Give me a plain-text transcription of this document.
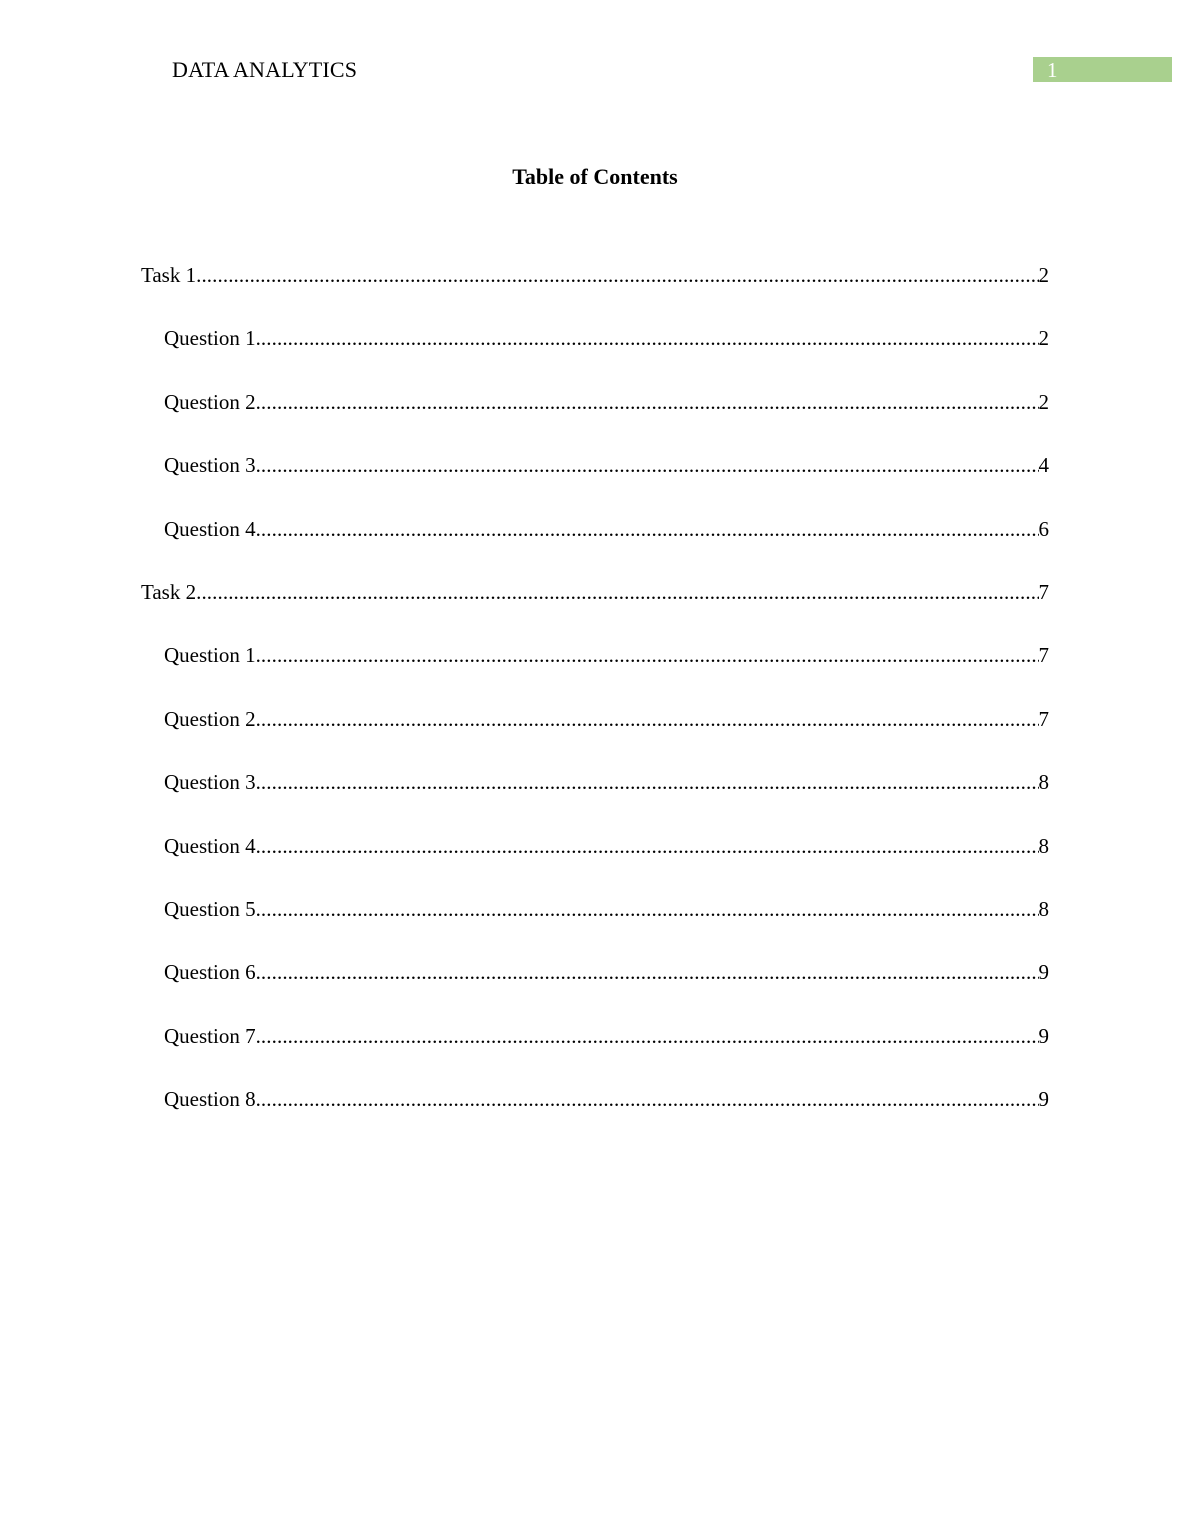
DATA ANALYTICS	1
Table of Contents
Task 1 .....	2
Question 1 .....	2
Question 2 .....	2
Question 3 .....	4
Question 4 .....	6
Task 2 .....	7
Question 1 .....	7
Question 2 .....	7
Question 3 .....	8
Question 4 .....	8
Question 5 .....	8
Question 6 .....	9
Question 7 .....	9
Question 8 .....	9
